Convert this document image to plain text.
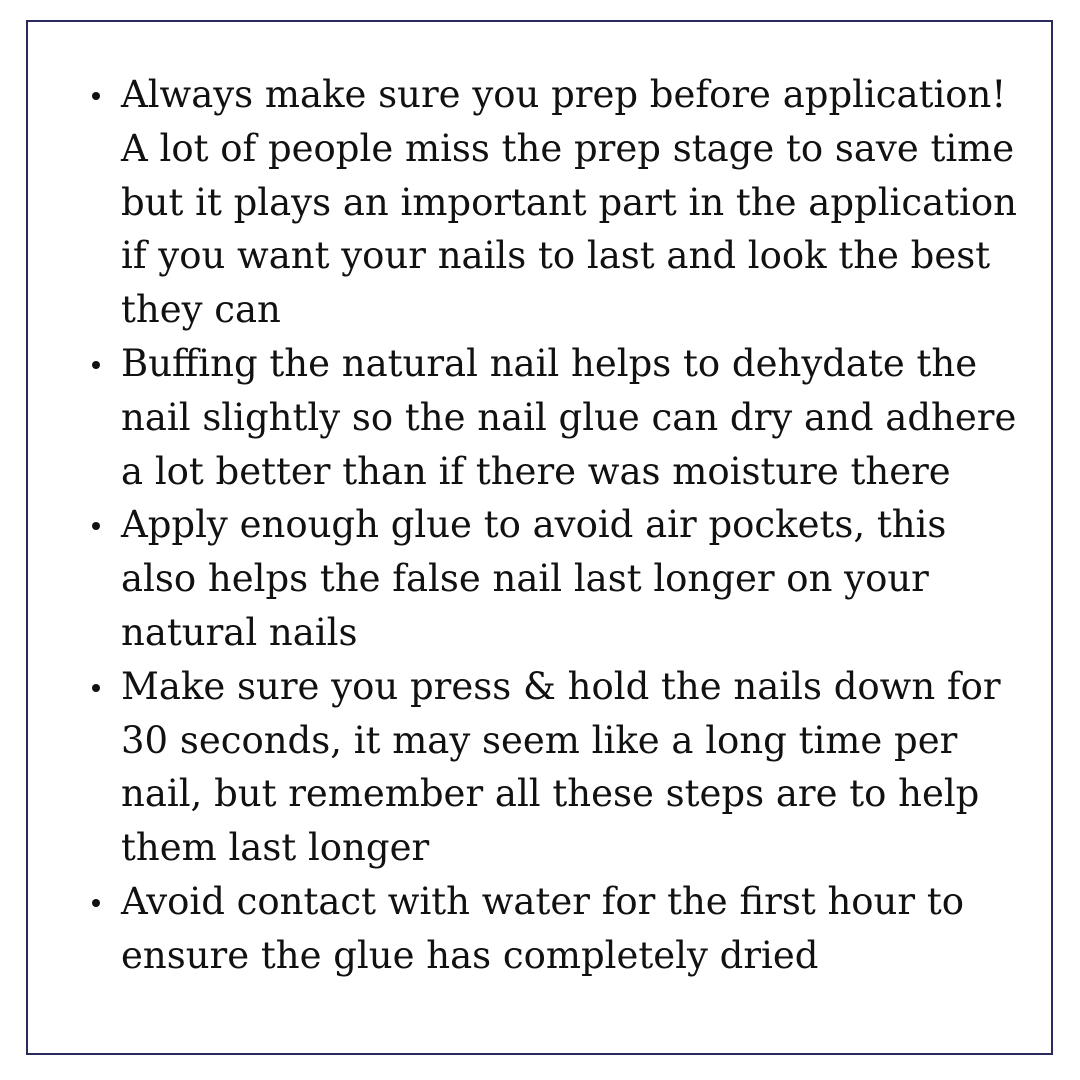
Always make sure you prep before application! A lot of people miss the prep stage to save time but it plays an important part in the application if you want your nails to last and look the best they can
Buffing the natural nail helps to dehydate the nail slightly so the nail glue can dry and adhere a lot better than if there was moisture there
Apply enough glue to avoid air pockets, this also helps the false nail last longer on your natural nails
Make sure you press & hold the nails down for 30 seconds, it may seem like a long time per nail, but remember all these steps are to help them last longer
Avoid contact with water for the first hour to ensure the glue has completely dried
